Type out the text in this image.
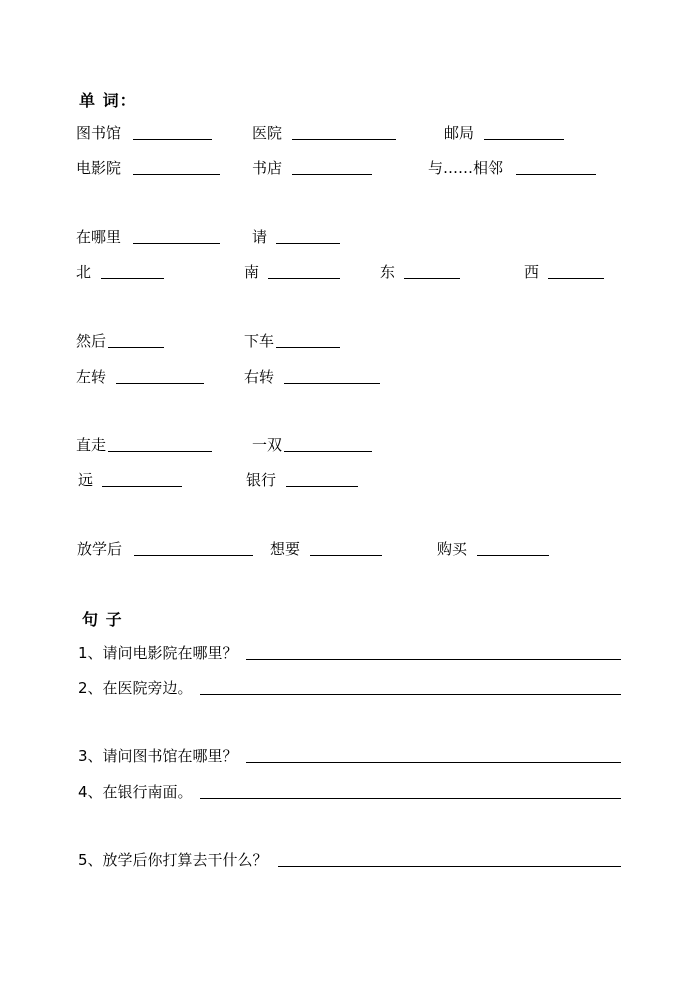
单 词：
图书馆	医院	邮局
电影院	书店	与……相邻
在哪里	请
北	南	东	西
然后	下车
左转	右转
直走	一双
远	银行
放学后	想要	购买
句 子
1、请问电影院在哪里？
2、在医院旁边。
3、请问图书馆在哪里？
4、在银行南面。
5、放学后你打算去干什么？
